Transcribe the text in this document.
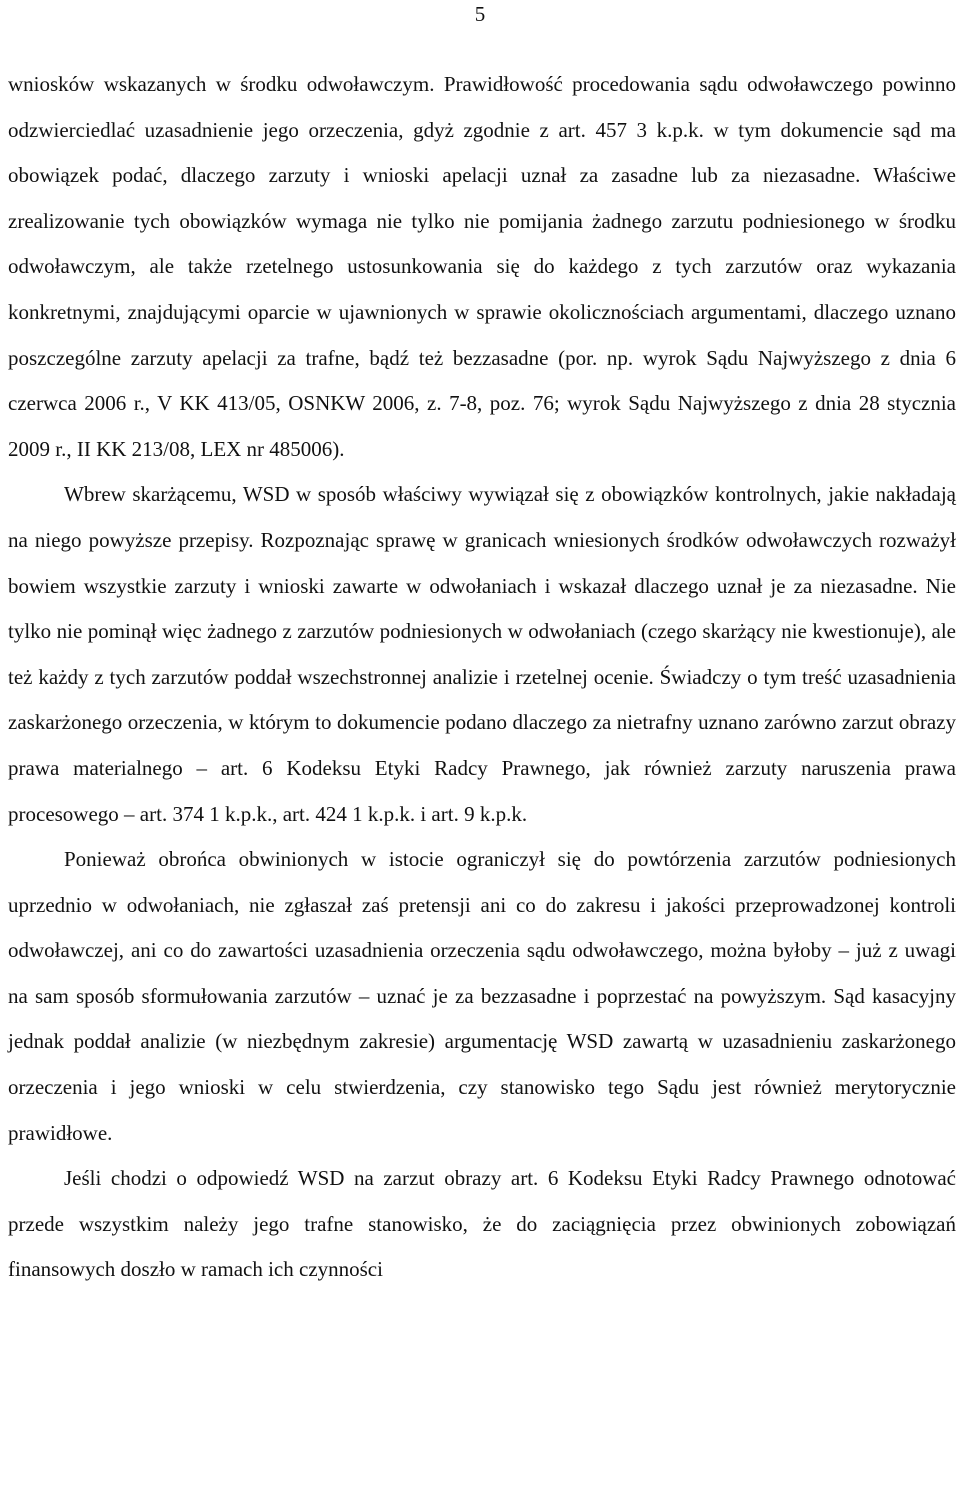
5

wniosków wskazanych w środku odwoławczym. Prawidłowość procedowania sądu odwoławczego powinno odzwierciedlać uzasadnienie jego orzeczenia, gdyż zgodnie z art. 457 3 k.p.k. w tym dokumencie sąd ma obowiązek podać, dlaczego zarzuty i wnioski apelacji uznał za zasadne lub za niezasadne. Właściwe zrealizowanie tych obowiązków wymaga nie tylko nie pomijania żadnego zarzutu podniesionego w środku odwoławczym, ale także rzetelnego ustosunkowania się do każdego z tych zarzutów oraz wykazania konkretnymi, znajdującymi oparcie w ujawnionych w sprawie okolicznościach argumentami, dlaczego uznano poszczególne zarzuty apelacji za trafne, bądź też bezzasadne (por. np. wyrok Sądu Najwyższego z dnia 6 czerwca 2006 r., V KK 413/05, OSNKW 2006, z. 7-8, poz. 76; wyrok Sądu Najwyższego z dnia 28 stycznia 2009 r., II KK 213/08, LEX nr 485006).

Wbrew skarżącemu, WSD w sposób właściwy wywiązał się z obowiązków kontrolnych, jakie nakładają na niego powyższe przepisy. Rozpoznając sprawę w granicach wniesionych środków odwoławczych rozważył bowiem wszystkie zarzuty i wnioski zawarte w odwołaniach i wskazał dlaczego uznał je za niezasadne. Nie tylko nie pominął więc żadnego z zarzutów podniesionych w odwołaniach (czego skarżący nie kwestionuje), ale też każdy z tych zarzutów poddał wszechstronnej analizie i rzetelnej ocenie. Świadczy o tym treść uzasadnienia zaskarżonego orzeczenia, w którym to dokumencie podano dlaczego za nietrafny uznano zarówno zarzut obrazy prawa materialnego – art. 6 Kodeksu Etyki Radcy Prawnego, jak również zarzuty naruszenia prawa procesowego – art. 374 1 k.p.k., art. 424 1 k.p.k. i art. 9 k.p.k.

Ponieważ obrońca obwinionych w istocie ograniczył się do powtórzenia zarzutów podniesionych uprzednio w odwołaniach, nie zgłaszał zaś pretensji ani co do zakresu i jakości przeprowadzonej kontroli odwoławczej, ani co do zawartości uzasadnienia orzeczenia sądu odwoławczego, można byłoby – już z uwagi na sam sposób sformułowania zarzutów – uznać je za bezzasadne i poprzestać na powyższym. Sąd kasacyjny jednak poddał analizie (w niezbędnym zakresie) argumentację WSD zawartą w uzasadnieniu zaskarżonego orzeczenia i jego wnioski w celu stwierdzenia, czy stanowisko tego Sądu jest również merytorycznie prawidłowe.

Jeśli chodzi o odpowiedź WSD na zarzut obrazy art. 6 Kodeksu Etyki Radcy Prawnego odnotować przede wszystkim należy jego trafne stanowisko, że do zaciągnięcia przez obwinionych zobowiązań finansowych doszło w ramach ich czynności
